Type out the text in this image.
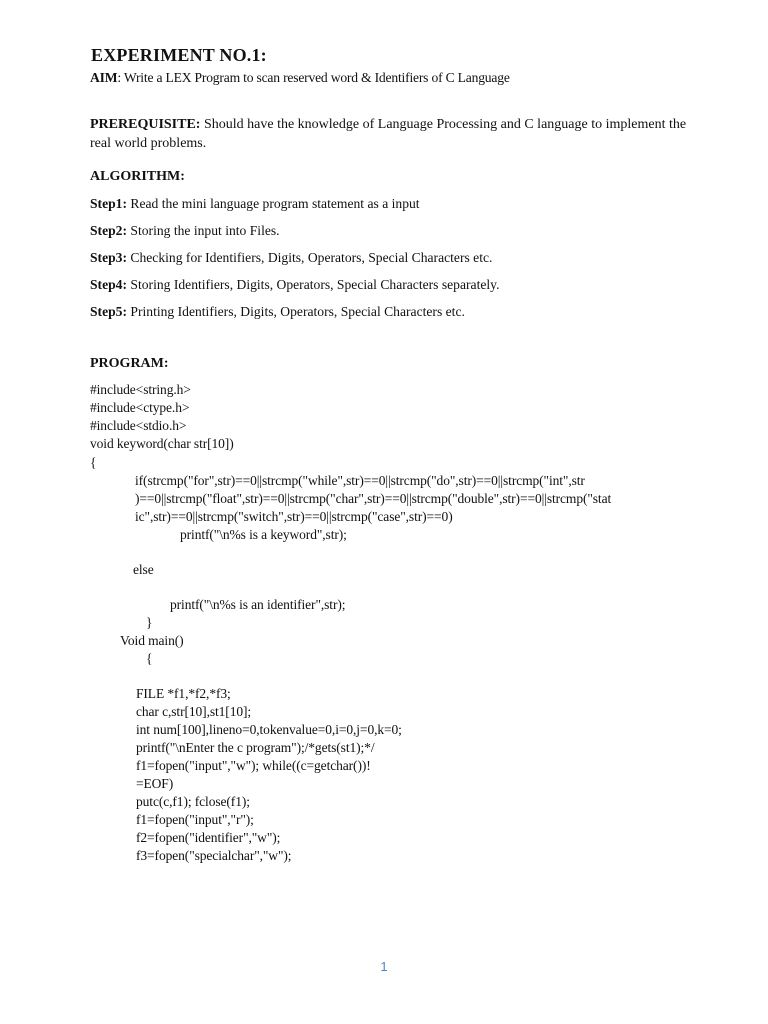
EXPERIMENT NO.1:
AIM: Write a LEX Program to scan reserved word & Identifiers of C Language
PREREQUISITE: Should have the knowledge of Language Processing and C language to implement the real world problems.
ALGORITHM:
Step1: Read the mini language program statement as a input
Step2: Storing the input into Files.
Step3: Checking for Identifiers, Digits, Operators, Special Characters etc.
Step4: Storing Identifiers, Digits, Operators, Special Characters separately.
Step5: Printing Identifiers, Digits, Operators, Special Characters etc.
PROGRAM:
#include<string.h>
#include<ctype.h>
#include<stdio.h>
void keyword(char str[10])
{
if(strcmp("for",str)==0||strcmp("while",str)==0||strcmp("do",str)==0||strcmp("int",str
)==0||strcmp("float",str)==0||strcmp("char",str)==0||strcmp("double",str)==0||strcmp("stat
ic",str)==0||strcmp("switch",str)==0||strcmp("case",str)==0)
printf("\n%s is a keyword",str);
else
printf("\n%s is an identifier",str);
}
Void main()
{
FILE *f1,*f2,*f3;
char c,str[10],st1[10];
int num[100],lineno=0,tokenvalue=0,i=0,j=0,k=0;
printf("\nEnter the c program");/*gets(st1);*/
f1=fopen("input","w"); while((c=getchar())!
=EOF)
putc(c,f1); fclose(f1);
f1=fopen("input","r");
f2=fopen("identifier","w");
f3=fopen("specialchar","w");
1
